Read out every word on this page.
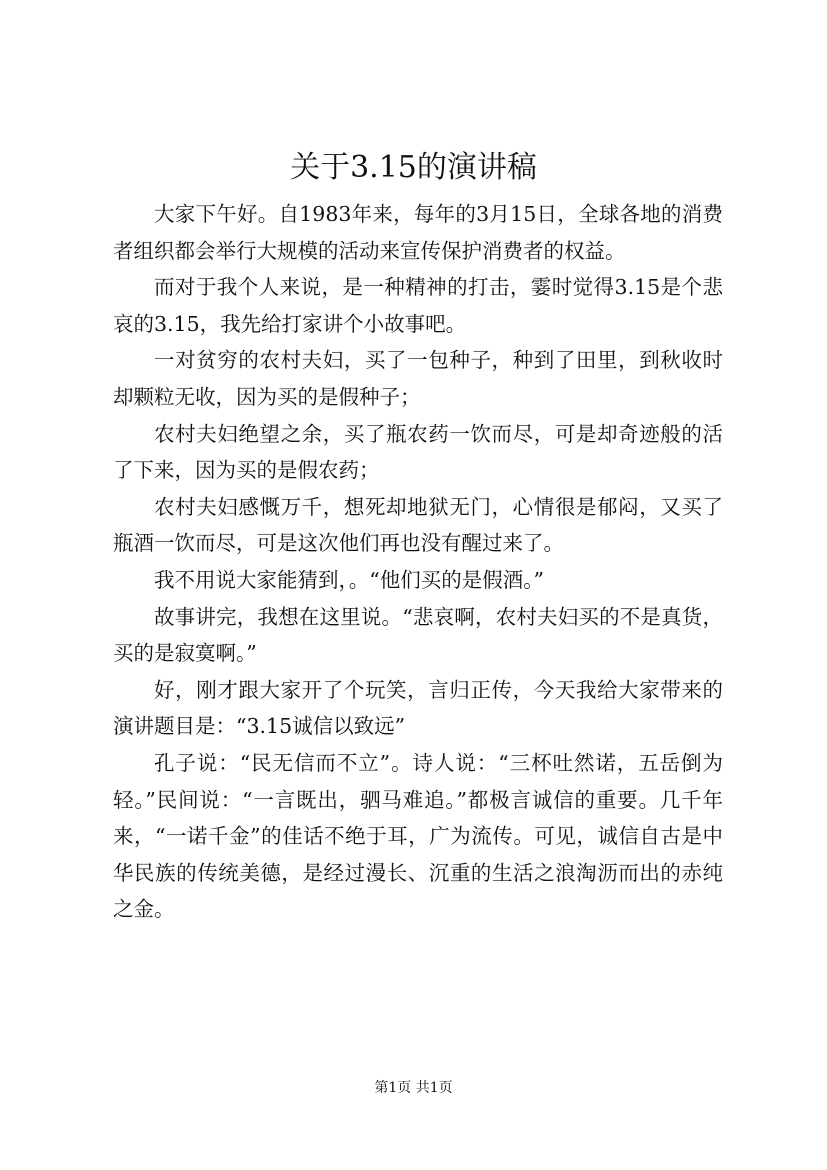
关于3.15的演讲稿

大家下午好。自1983年来，每年的3月15日，全球各地的消费者组织都会举行大规模的活动来宣传保护消费者的权益。

而对于我个人来说，是一种精神的打击，霎时觉得3.15是个悲哀的3.15，我先给打家讲个小故事吧。

一对贫穷的农村夫妇，买了一包种子，种到了田里，到秋收时却颗粒无收，因为买的是假种子；

农村夫妇绝望之余，买了瓶农药一饮而尽，可是却奇迹般的活了下来，因为买的是假农药；

农村夫妇感慨万千，想死却地狱无门，心情很是郁闷，又买了瓶酒一饮而尽，可是这次他们再也没有醒过来了。

我不用说大家能猜到，。“他们买的是假酒。”

故事讲完，我想在这里说。“悲哀啊，农村夫妇买的不是真货，买的是寂寞啊。”

好，刚才跟大家开了个玩笑，言归正传，今天我给大家带来的演讲题目是：“3.15诚信以致远”

孔子说：“民无信而不立”。诗人说：“三杯吐然诺，五岳倒为轻。”民间说：“一言既出，驷马难追。”都极言诚信的重要。几千年来，“一诺千金”的佳话不绝于耳，广为流传。可见，诚信自古是中华民族的传统美德，是经过漫长、沉重的生活之浪淘沥而出的赤纯之金。

第1页 共1页
